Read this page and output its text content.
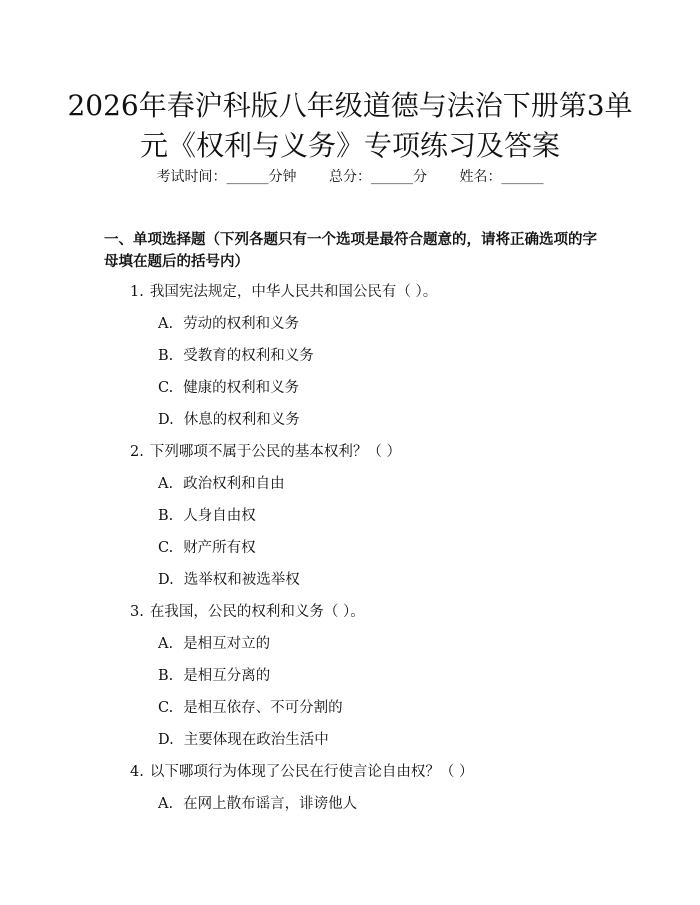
2026年春沪科版八年级道德与法治下册第3单元《权利与义务》专项练习及答案
考试时间：______分钟 总分：______分 姓名：______
一、单项选择题（下列各题只有一个选项是最符合题意的，请将正确选项的字母填在题后的括号内）
1. 我国宪法规定，中华人民共和国公民有（ ）。
A. 劳动的权利和义务
B. 受教育的权利和义务
C. 健康的权利和义务
D. 休息的权利和义务
2. 下列哪项不属于公民的基本权利？（ ）
A. 政治权利和自由
B. 人身自由权
C. 财产所有权
D. 选举权和被选举权
3. 在我国，公民的权利和义务（ ）。
A. 是相互对立的
B. 是相互分离的
C. 是相互依存、不可分割的
D. 主要体现在政治生活中
4. 以下哪项行为体现了公民在行使言论自由权？（ ）
A. 在网上散布谣言，诽谤他人
